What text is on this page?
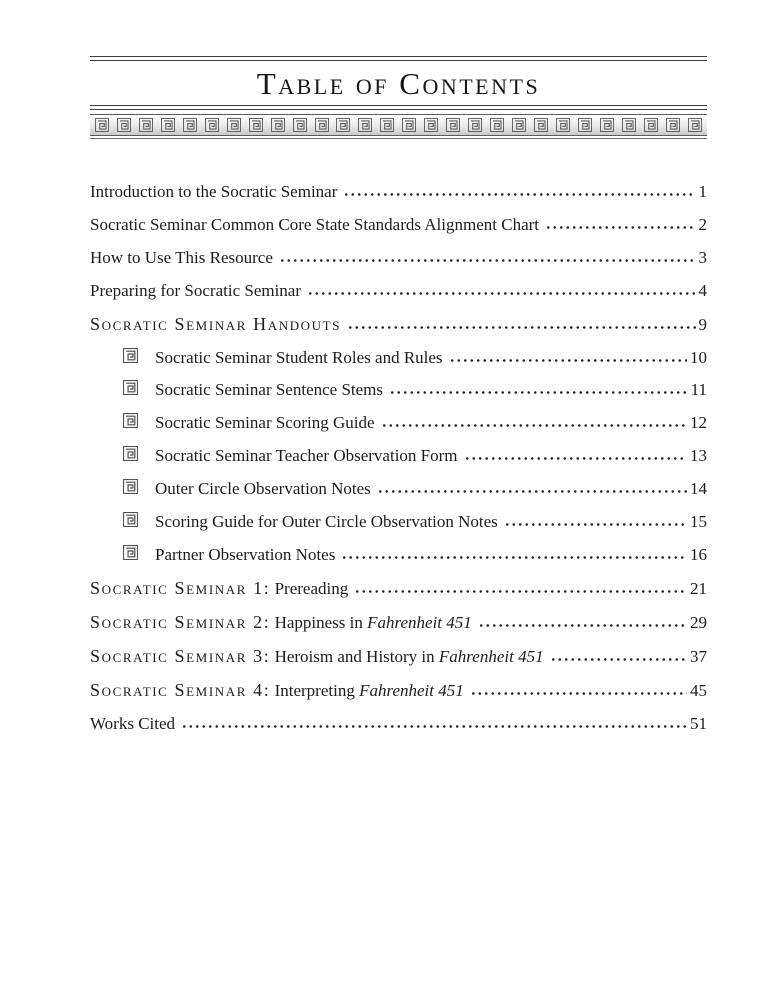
Table of Contents
Introduction to the Socratic Seminar	1
Socratic Seminar Common Core State Standards Alignment Chart	2
How to Use This Resource	3
Preparing for Socratic Seminar	4
Socratic Seminar Handouts	9
Socratic Seminar Student Roles and Rules	10
Socratic Seminar Sentence Stems	11
Socratic Seminar Scoring Guide	12
Socratic Seminar Teacher Observation Form	13
Outer Circle Observation Notes	14
Scoring Guide for Outer Circle Observation Notes	15
Partner Observation Notes	16
Socratic Seminar 1: Prereading	21
Socratic Seminar 2: Happiness in Fahrenheit 451	29
Socratic Seminar 3: Heroism and History in Fahrenheit 451	37
Socratic Seminar 4: Interpreting Fahrenheit 451	45
Works Cited	51
